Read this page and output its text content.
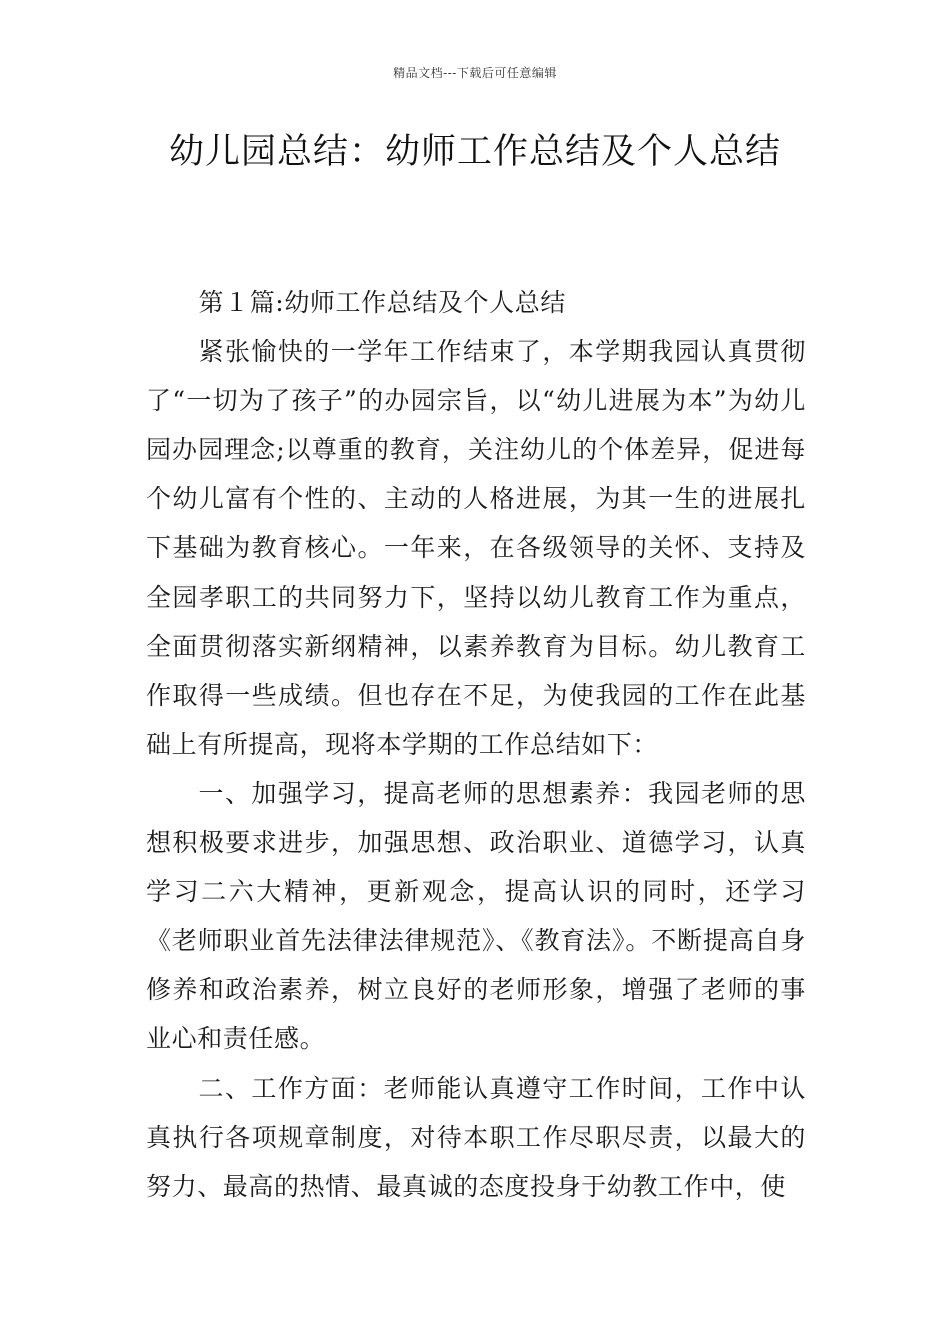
精品文档---下载后可任意编辑
幼儿园总结：幼师工作总结及个人总结

第１篇:幼师工作总结及个人总结

紧张愉快的一学年工作结束了，本学期我园认真贯彻了“一切为了孩子”的办园宗旨，以“幼儿进展为本”为幼儿园办园理念;以尊重的教育，关注幼儿的个体差异，促进每个幼儿富有个性的、主动的人格进展，为其一生的进展扎下基础为教育核心。一年来，在各级领导的关怀、支持及全园孝职工的共同努力下，坚持以幼儿教育工作为重点，全面贯彻落实新纲精神，以素养教育为目标。幼儿教育工作取得一些成绩。但也存在不足，为使我园的工作在此基础上有所提高，现将本学期的工作总结如下：

一、加强学习，提高老师的思想素养：我园老师的思想积极要求进步，加强思想、政治职业、道德学习，认真学习二六大精神，更新观念，提高认识的同时，还学习《老师职业首先法律法律规范》、《教育法》。不断提高自身修养和政治素养，树立良好的老师形象，增强了老师的事业心和责任感。

二、工作方面：老师能认真遵守工作时间，工作中认真执行各项规章制度，对待本职工作尽职尽责，以最大的努力、最高的热情、最真诚的态度投身于幼教工作中，使
